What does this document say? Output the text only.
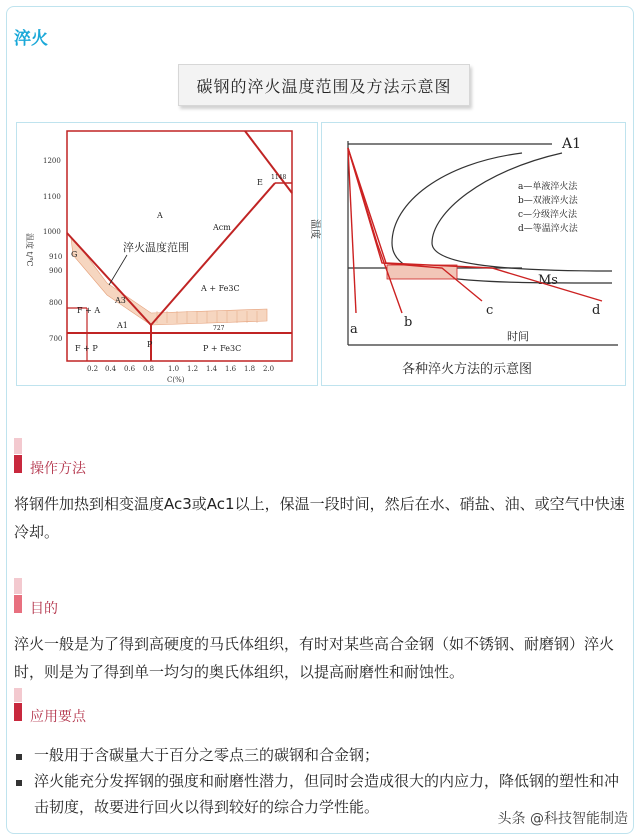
淬火
碳钢的淬火温度范围及方法示意图
1200
1100
1000
910
900
800
700
温度 t/℃
0.2 0.4 0.6 0.8 1.0 1.2 1.4 1.6 1.8 2.0
C(%)
A
Acm
A + Fe3C
A3
A1
F + A
F + P	P + Fe3C
E
1148
G
P
727
淬火温度范围
温度
时间
A1
Ms
a	b
c	d
a—单液淬火法
b—双液淬火法
c—分级淬火法
d—等温淬火法
各种淬火方法的示意图
操作方法
将钢件加热到相变温度Ac3或Ac1以上，保温一段时间，然后在水、硝盐、油、或空气中快速冷却。
目的
淬火一般是为了得到高硬度的马氏体组织，有时对某些高合金钢（如不锈钢、耐磨钢）淬火时，则是为了得到单一均匀的奥氏体组织，以提高耐磨性和耐蚀性。
应用要点
一般用于含碳量大于百分之零点三的碳钢和合金钢；
淬火能充分发挥钢的强度和耐磨性潜力，但同时会造成很大的内应力，降低钢的塑性和冲击韧度，故要进行回火以得到较好的综合力学性能。
头条 @科技智能制造
